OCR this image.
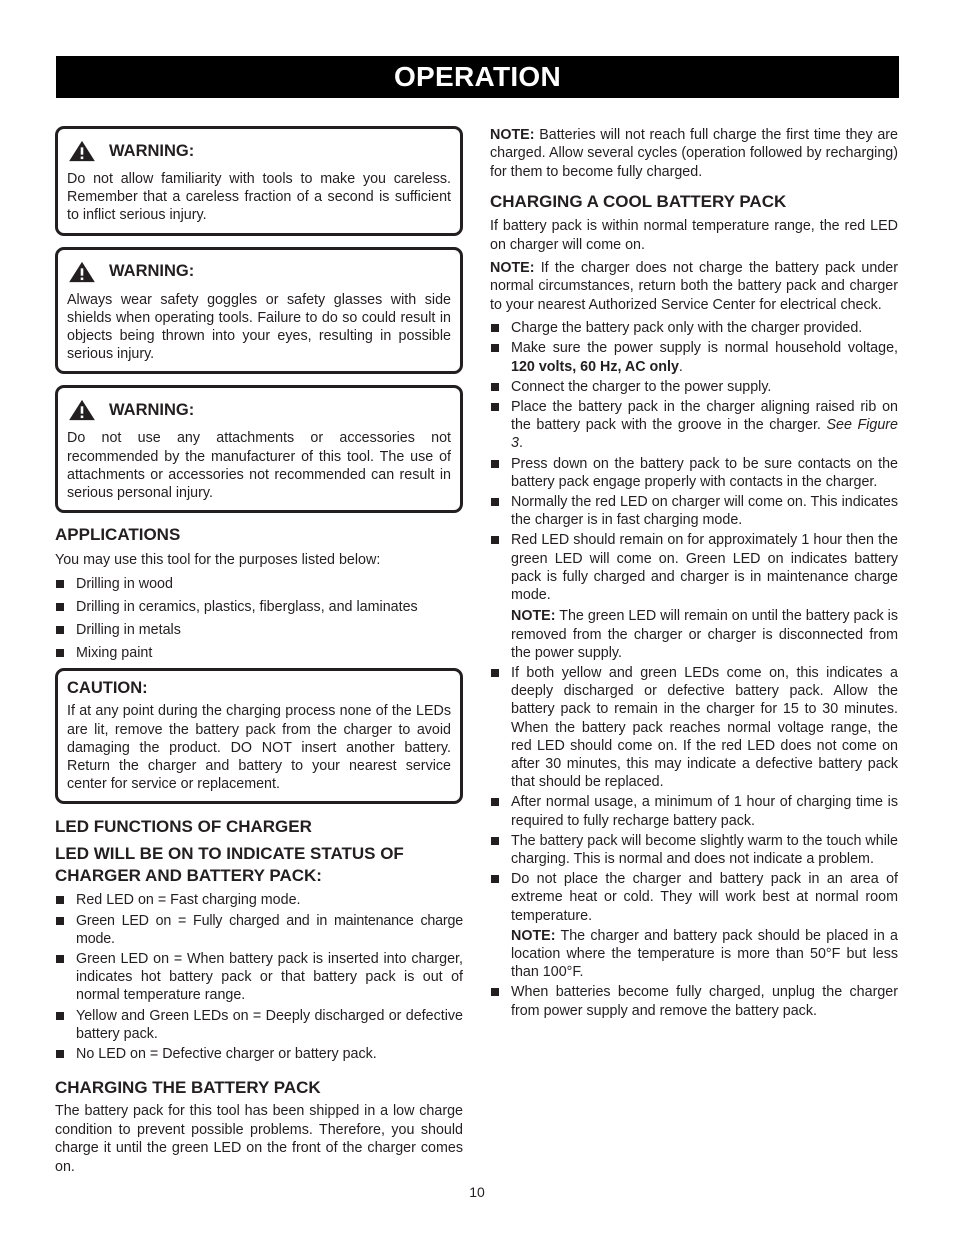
OPERATION
WARNING:

Do not allow familiarity with tools to make you careless. Remember that a careless fraction of a second is sufficient to inflict serious injury.

WARNING:

Always wear safety goggles or safety glasses with side shields when operating tools. Failure to do so could result in objects being thrown into your eyes, resulting in possible serious injury.

WARNING:

Do not use any attachments or accessories not recommended by the manufacturer of this tool. The use of attachments or accessories not recommended can result in serious personal injury.

APPLICATIONS

You may use this tool for the purposes listed below:

Drilling in wood
Drilling in ceramics, plastics, fiberglass, and laminates
Drilling in metals
Mixing paint
CAUTION:

If at any point during the charging process none of the LEDs are lit, remove the battery pack from the charger to avoid damaging the product. DO NOT insert another battery. Return the charger and battery to your nearest service center for service or replacement.

LED FUNCTIONS OF CHARGER
LED WILL BE ON TO INDICATE STATUS OF CHARGER AND BATTERY PACK:
Red LED on = Fast charging mode.
Green LED on = Fully charged and in maintenance charge mode.
Green LED on = When battery pack is inserted into charger, indicates hot battery pack or that battery pack is out of normal temperature range.
Yellow and Green LEDs on = Deeply discharged or defective battery pack.
No LED on = Defective charger or battery pack.
CHARGING THE BATTERY PACK

The battery pack for this tool has been shipped in a low charge condition to prevent possible problems. Therefore, you should charge it until the green LED on the front of the charger comes on.

NOTE: Batteries will not reach full charge the first time they are charged. Allow several cycles (operation followed by recharging) for them to become fully charged.

CHARGING A COOL BATTERY PACK

If battery pack is within normal temperature range, the red LED on charger will come on.

NOTE: If the charger does not charge the battery pack under normal circumstances, return both the battery pack and charger to your nearest Authorized Service Center for electrical check.

Charge the battery pack only with the charger provided.
Make sure the power supply is normal household voltage, 120 volts, 60 Hz, AC only.
Connect the charger to the power supply.
Place the battery pack in the charger aligning raised rib on the battery pack with the groove in the charger. See Figure 3.
Press down on the battery pack to be sure contacts on the battery pack engage properly with contacts in the charger.
Normally the red LED on charger will come on. This indicates the charger is in fast charging mode.
Red LED should remain on for approximately 1 hour then the green LED will come on. Green LED on indicates battery pack is fully charged and charger is in maintenance charge mode.
NOTE: The green LED will remain on until the battery pack is removed from the charger or charger is disconnected from the power supply.
If both yellow and green LEDs come on, this indicates a deeply discharged or defective battery pack. Allow the battery pack to remain in the charger for 15 to 30 minutes. When the battery pack reaches normal voltage range, the red LED should come on. If the red LED does not come on after 30 minutes, this may indicate a defective battery pack that should be replaced.
After normal usage, a minimum of 1 hour of charging time is required to fully recharge battery pack.
The battery pack will become slightly warm to the touch while charging. This is normal and does not indicate a problem.
Do not place the charger and battery pack in an area of extreme heat or cold. They will work best at normal room temperature.
NOTE: The charger and battery pack should be placed in a location where the temperature is more than 50°F but less than 100°F.
When batteries become fully charged, unplug the charger from power supply and remove the battery pack.
10
